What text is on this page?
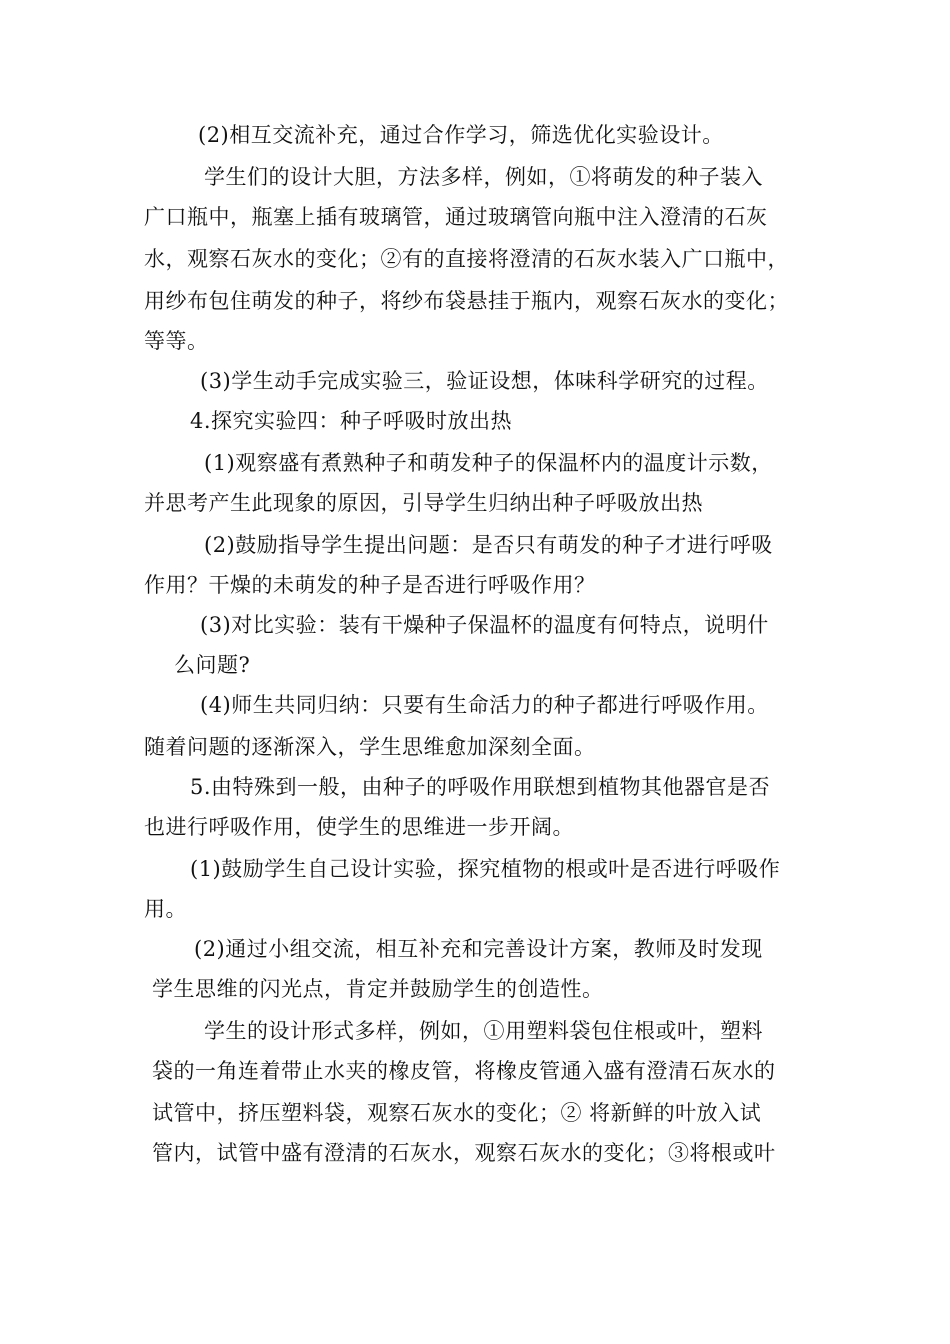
(2)相互交流补充，通过合作学习，筛选优化实验设计。
学生们的设计大胆，方法多样，例如，①将萌发的种子装入
广口瓶中，瓶塞上插有玻璃管，通过玻璃管向瓶中注入澄清的石灰
水，观察石灰水的变化；②有的直接将澄清的石灰水装入广口瓶中，
用纱布包住萌发的种子，将纱布袋悬挂于瓶内，观察石灰水的变化；
等等。
(3)学生动手完成实验三，验证设想，体味科学研究的过程。
4.探究实验四：种子呼吸时放出热
(1)观察盛有煮熟种子和萌发种子的保温杯内的温度计示数，
并思考产生此现象的原因，引导学生归纳出种子呼吸放出热
(2)鼓励指导学生提出问题：是否只有萌发的种子才进行呼吸
作用？干燥的未萌发的种子是否进行呼吸作用？
(3)对比实验：装有干燥种子保温杯的温度有何特点，说明什
么问题?
(4)师生共同归纳：只要有生命活力的种子都进行呼吸作用。
随着问题的逐渐深入，学生思维愈加深刻全面。
5.由特殊到一般，由种子的呼吸作用联想到植物其他器官是否
也进行呼吸作用，使学生的思维进一步开阔。
(1)鼓励学生自己设计实验，探究植物的根或叶是否进行呼吸作
用。
(2)通过小组交流，相互补充和完善设计方案，教师及时发现
学生思维的闪光点，肯定并鼓励学生的创造性。
学生的设计形式多样，例如，①用塑料袋包住根或叶，塑料
袋的一角连着带止水夹的橡皮管，将橡皮管通入盛有澄清石灰水的
试管中，挤压塑料袋，观察石灰水的变化；② 将新鲜的叶放入试
管内，试管中盛有澄清的石灰水，观察石灰水的变化；③将根或叶
